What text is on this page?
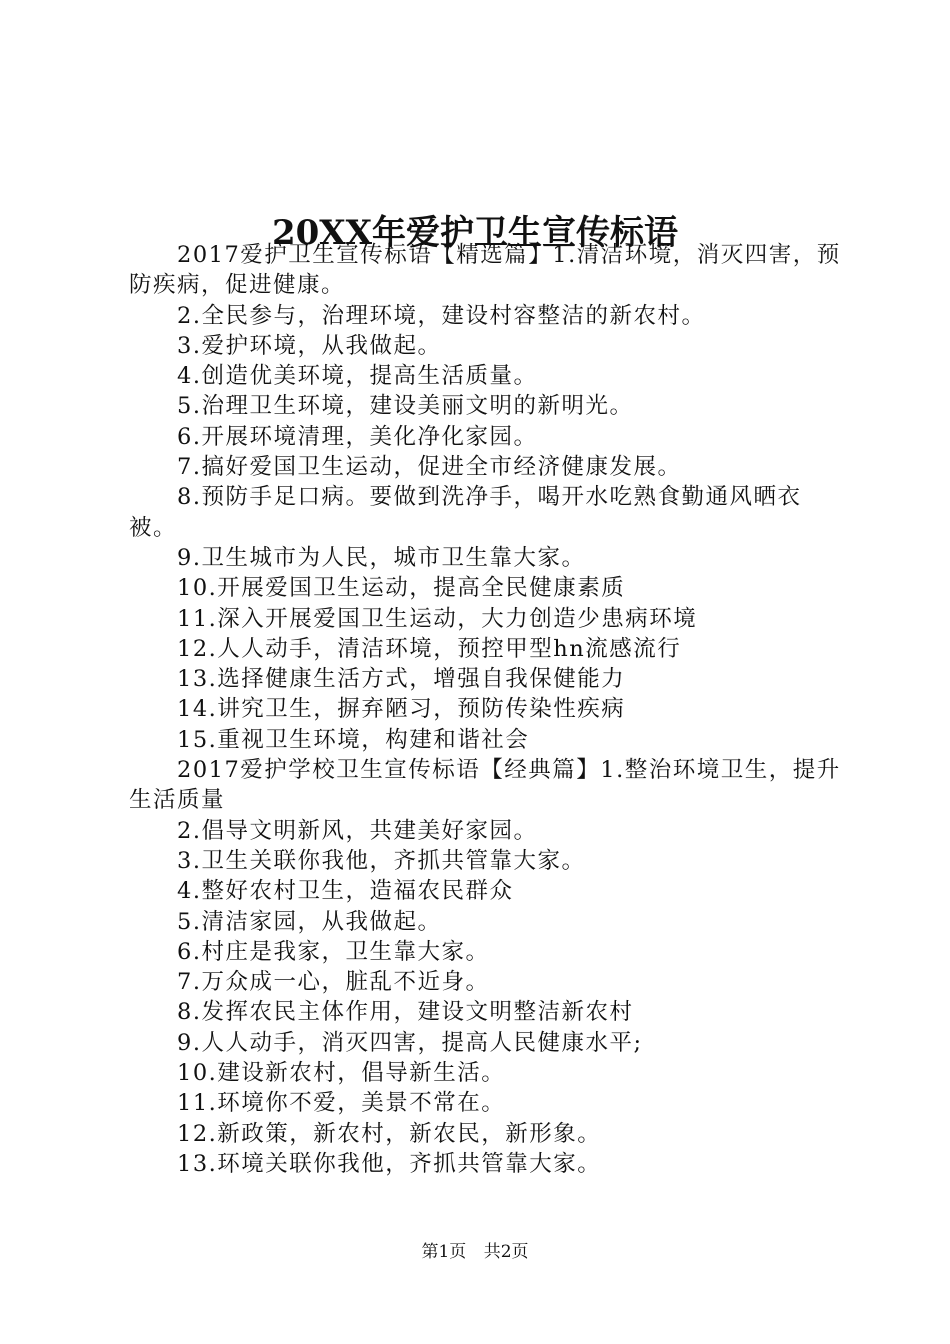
20XX年爱护卫生宣传标语

2017爱护卫生宣传标语【精选篇】1.清洁环境，消灭四害，预防疾病，促进健康。

2.全民参与，治理环境，建设村容整洁的新农村。

3.爱护环境，从我做起。

4.创造优美环境，提高生活质量。

5.治理卫生环境，建设美丽文明的新明光。

6.开展环境清理，美化净化家园。

7.搞好爱国卫生运动，促进全市经济健康发展。

8.预防手足口病。要做到洗净手，喝开水吃熟食勤通风晒衣被。

9.卫生城市为人民，城市卫生靠大家。

10.开展爱国卫生运动，提高全民健康素质

11.深入开展爱国卫生运动，大力创造少患病环境

12.人人动手，清洁环境，预控甲型hn流感流行

13.选择健康生活方式，增强自我保健能力

14.讲究卫生，摒弃陋习，预防传染性疾病

15.重视卫生环境，构建和谐社会

2017爱护学校卫生宣传标语【经典篇】1.整治环境卫生，提升生活质量

2.倡导文明新风，共建美好家园。

3.卫生关联你我他，齐抓共管靠大家。

4.整好农村卫生，造福农民群众

5.清洁家园，从我做起。

6.村庄是我家，卫生靠大家。

7.万众成一心，脏乱不近身。

8.发挥农民主体作用，建设文明整洁新农村

9.人人动手，消灭四害，提高人民健康水平;

10.建设新农村，倡导新生活。

11.环境你不爱，美景不常在。

12.新政策，新农村，新农民，新形象。

13.环境关联你我他，齐抓共管靠大家。

第1页 共2页
